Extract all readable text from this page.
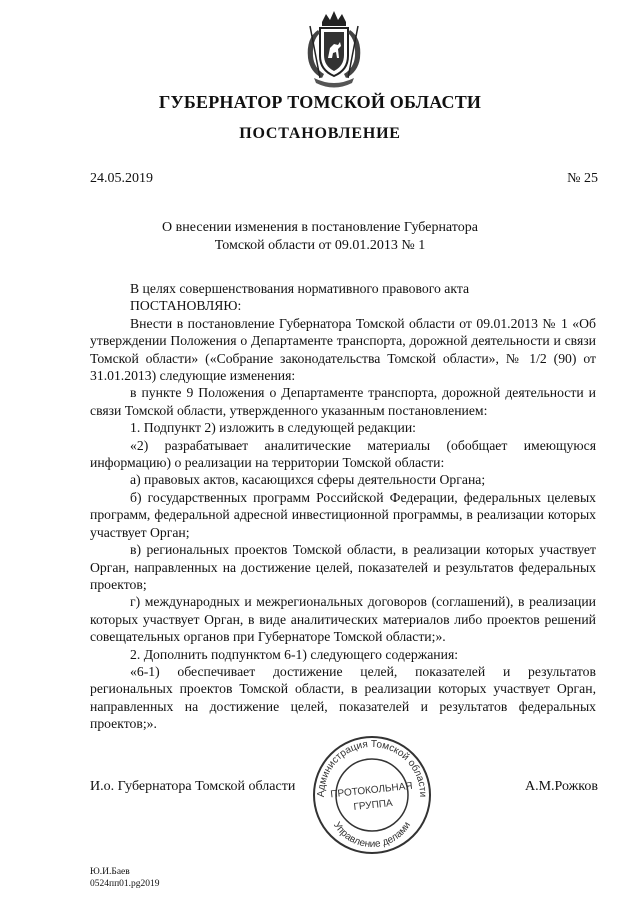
ГУБЕРНАТОР ТОМСКОЙ ОБЛАСТИ
ПОСТАНОВЛЕНИЕ
24.05.2019	№ 25
О внесении изменения в постановление Губернатора
Томской области от 09.01.2013 № 1

В целях совершенствования нормативного правового акта

ПОСТАНОВЛЯЮ:

Внести в постановление Губернатора Томской области от 09.01.2013 № 1 «Об утверждении Положения о Департаменте транспорта, дорожной деятельности и связи Томской области» («Собрание законодательства Томской области», № 1/2 (90) от 31.01.2013) следующие изменения:

в пункте 9 Положения о Департаменте транспорта, дорожной деятельности и связи Томской области, утвержденного указанным постановлением:

1. Подпункт 2) изложить в следующей редакции:

«2) разрабатывает аналитические материалы (обобщает имеющуюся информацию) о реализации на территории Томской области:

а) правовых актов, касающихся сферы деятельности Органа;

б) государственных программ Российской Федерации, федеральных целевых программ, федеральной адресной инвестиционной программы, в реализации которых участвует Орган;

в) региональных проектов Томской области, в реализации которых участвует Орган, направленных на достижение целей, показателей и результатов федеральных проектов;

г) международных и межрегиональных договоров (соглашений), в реализации которых участвует Орган, в виде аналитических материалов либо проектов решений совещательных органов при Губернаторе Томской области;».

2. Дополнить подпунктом 6-1) следующего содержания:

«6-1) обеспечивает достижение целей, показателей и результатов региональных проектов Томской области, в реализации которых участвует Орган, направленных на достижение целей, показателей и результатов федеральных проектов;».

И.о. Губернатора Томской области	А.М.Рожков
Администрация Томской области
Управление делами
ПРОТОКОЛЬНАЯ
ГРУППА
Ю.И.Баев
0524пп01.pg2019
